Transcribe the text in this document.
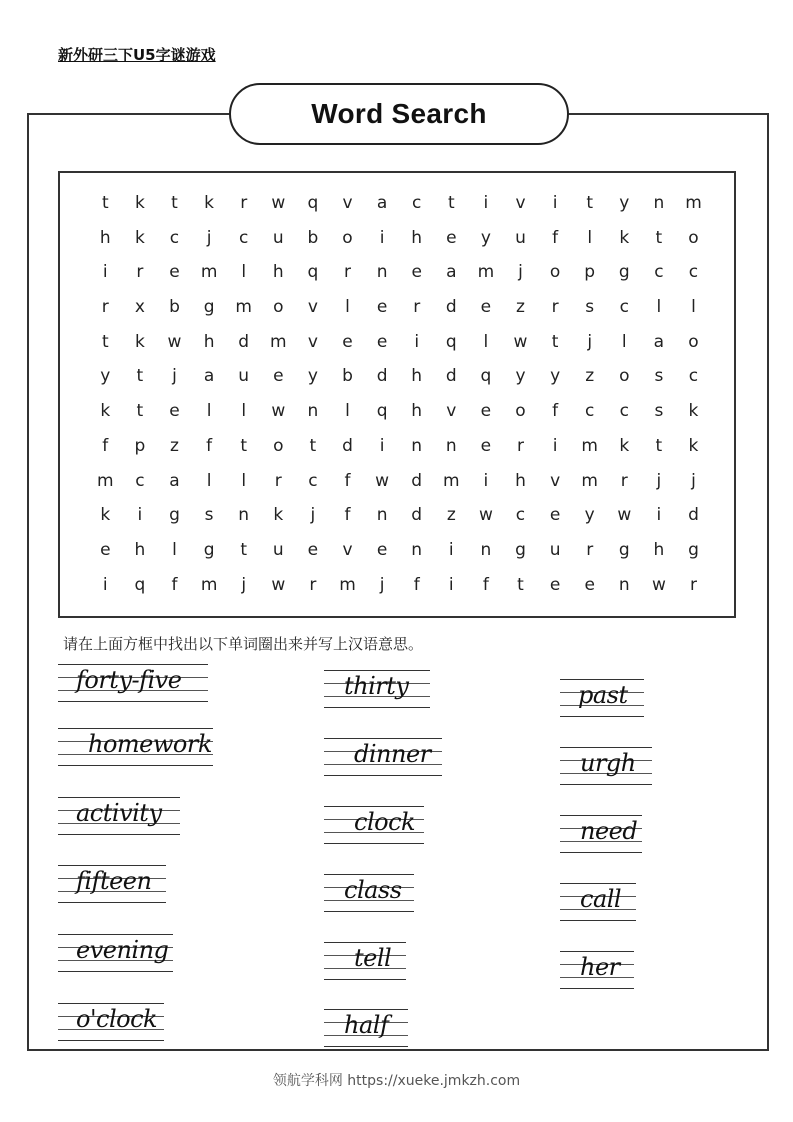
新外研三下U5字谜游戏
Word Search
t	k	t	k	r	w	q	v	a	c	t	i	v	i	t	y	n	m
h	k	c	j	c	u	b	o	i	h	e	y	u	f	l	k	t	o
i	r	e	m	l	h	q	r	n	e	a	m	j	o	p	g	c	c
r	x	b	g	m	o	v	l	e	r	d	e	z	r	s	c	l	l
t	k	w	h	d	m	v	e	e	i	q	l	w	t	j	l	a	o
y	t	j	a	u	e	y	b	d	h	d	q	y	y	z	o	s	c
k	t	e	l	l	w	n	l	q	h	v	e	o	f	c	c	s	k
f	p	z	f	t	o	t	d	i	n	n	e	r	i	m	k	t	k
m	c	a	l	l	r	c	f	w	d	m	i	h	v	m	r	j	j
k	i	g	s	n	k	j	f	n	d	z	w	c	e	y	w	i	d
e	h	l	g	t	u	e	v	e	n	i	n	g	u	r	g	h	g
i	q	f	m	j	w	r	m	j	f	i	f	t	e	e	n	w	r
请在上面方框中找出以下单词圈出来并写上汉语意思。
forty-five
homework
activity
fifteen
evening
o'clock
thirty
dinner
clock
class
tell
half
past
urgh
need
call
her
领航学科网 https://xueke.jmkzh.com
